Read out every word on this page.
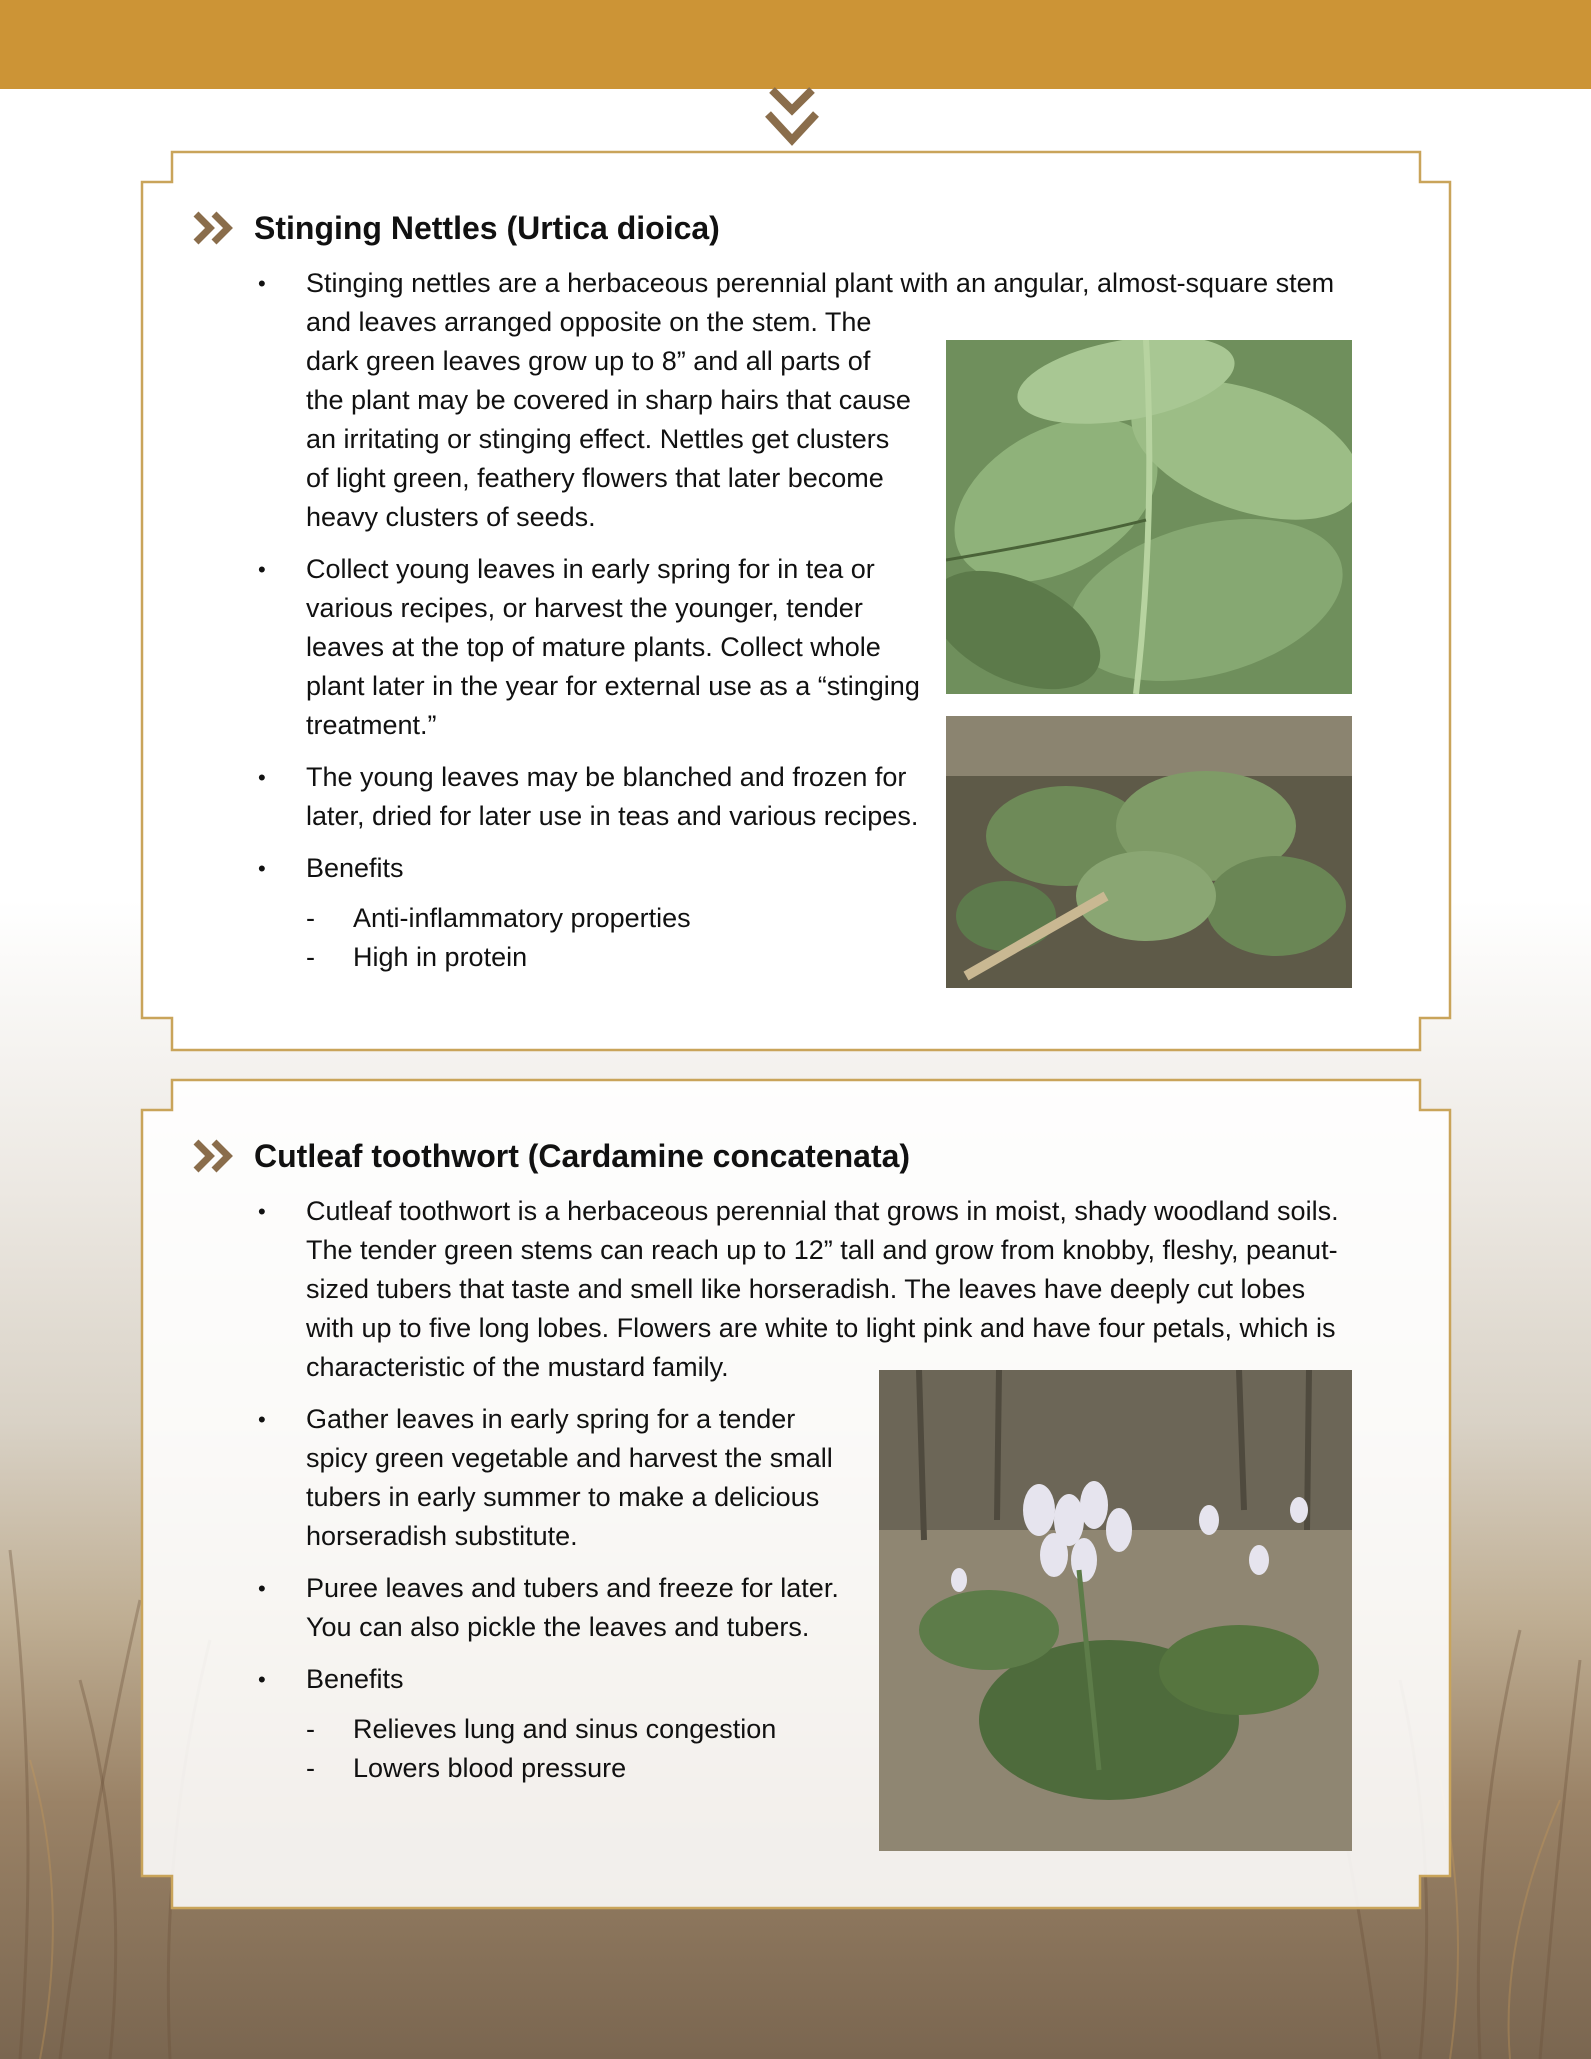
Stinging Nettles (Urtica dioica)
• Stinging nettles are a herbaceous perennial plant with an angular, almost-square stem
and leaves arranged opposite on the stem. The
dark green leaves grow up to 8” and all parts of
the plant may be covered in sharp hairs that cause
an irritating or stinging effect. Nettles get clusters
of light green, feathery flowers that later become
heavy clusters of seeds.
• Collect young leaves in early spring for in tea or
various recipes, or harvest the younger, tender
leaves at the top of mature plants. Collect whole
plant later in the year for external use as a “stinging
treatment.”
• The young leaves may be blanched and frozen for
later, dried for later use in teas and various recipes.
• Benefits
- Anti-inflammatory properties
- High in protein
Cutleaf toothwort (Cardamine concatenata)
• Cutleaf toothwort is a herbaceous perennial that grows in moist, shady woodland soils.
The tender green stems can reach up to 12” tall and grow from knobby, fleshy, peanut-
sized tubers that taste and smell like horseradish. The leaves have deeply cut lobes
with up to five long lobes. Flowers are white to light pink and have four petals, which is
characteristic of the mustard family.
• Gather leaves in early spring for a tender
spicy green vegetable and harvest the small
tubers in early summer to make a delicious
horseradish substitute.
• Puree leaves and tubers and freeze for later.
You can also pickle the leaves and tubers.
• Benefits
- Relieves lung and sinus congestion
- Lowers blood pressure
